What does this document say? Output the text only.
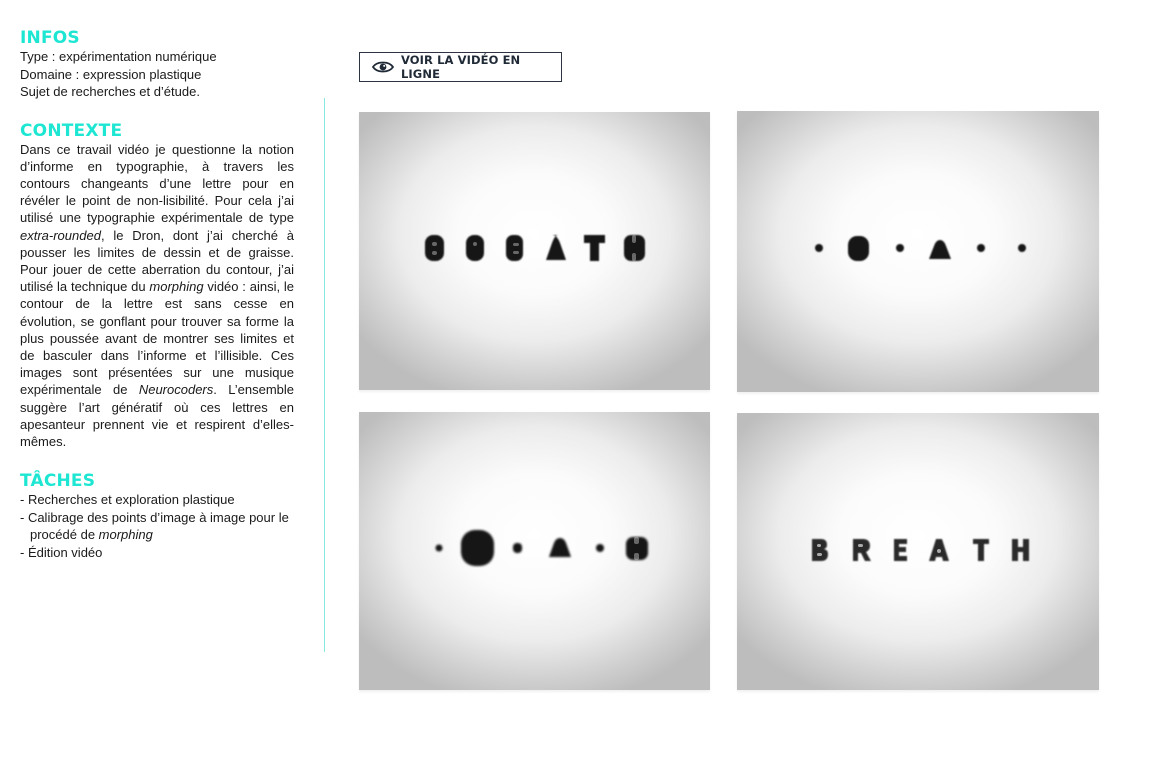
INFOS

Type : expérimentation numérique

Domaine : expression plastique

Sujet de recherches et d’étude.

CONTEXTE

Dans ce travail vidéo je questionne la notion d’informe en typographie, à travers les contours changeants d’une lettre pour en révéler le point de non-lisibilité. Pour cela j’ai utilisé une typographie expérimentale de type extra-rounded, le Dron, dont j’ai cherché à pousser les limites de dessin et de graisse. Pour jouer de cette aberration du contour, j’ai utilisé la technique du morphing vidéo : ainsi, le contour de la lettre est sans cesse en évolution, se gonflant pour trouver sa forme la plus poussée avant de montrer ses limites et de basculer dans l’informe et l’illisible. Ces images sont présentées sur une musique expérimentale de Neurocoders. L’ensemble suggère l’art génératif où ces lettres en apesanteur prennent vie et respirent d’elles-mêmes.

TÂCHES

- Recherches et exploration plastique

- Calibrage des points d’image à image pour le procédé de morphing

- Édition vidéo

VOIR LA VIDÉO EN LIGNE
